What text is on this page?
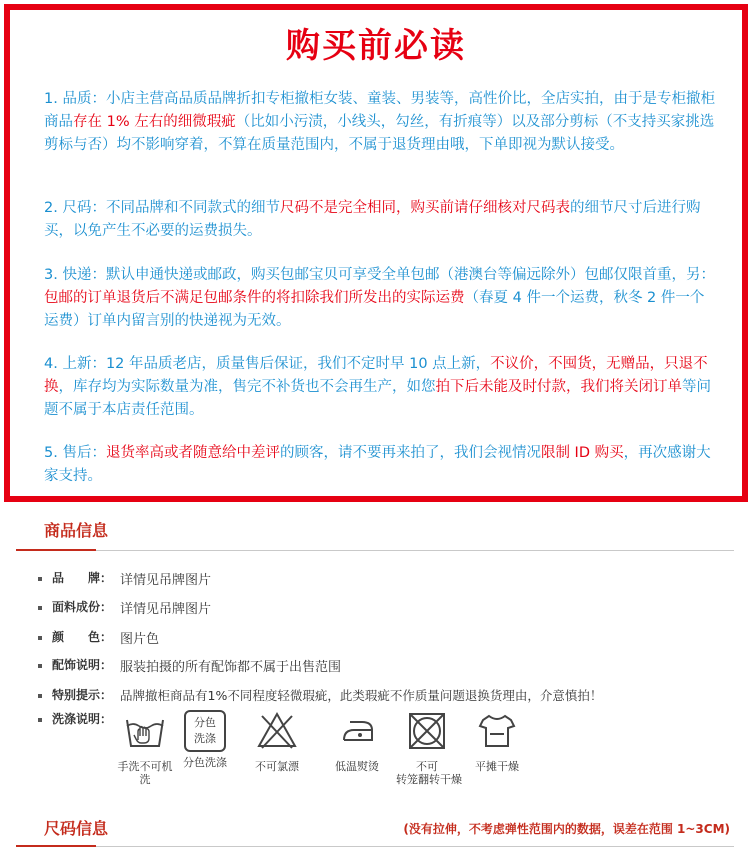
购买前必读
1. 品质：小店主营高品质品牌折扣专柜撤柜女装、童装、男装等，高性价比，全店实拍，由于是专柜撤柜商品存在 1% 左右的细微瑕疵（比如小污渍，小线头，勾丝，有折痕等）以及部分剪标（不支持买家挑选剪标与否）均不影响穿着，不算在质量范围内，不属于退货理由哦，下单即视为默认接受。
2. 尺码：不同品牌和不同款式的细节尺码不是完全相同，购买前请仔细核对尺码表的细节尺寸后进行购买，以免产生不必要的运费损失。
3. 快递：默认申通快递或邮政，购买包邮宝贝可享受全单包邮（港澳台等偏远除外）包邮仅限首重，另：包邮的订单退货后不满足包邮条件的将扣除我们所发出的实际运费（春夏 4 件一个运费，秋冬 2 件一个运费）订单内留言别的快递视为无效。
4. 上新：12 年品质老店，质量售后保证，我们不定时早 10 点上新，不议价，不囤货，无赠品，只退不换，库存均为实际数量为准，售完不补货也不会再生产，如您拍下后未能及时付款，我们将关闭订单等问题不属于本店责任范围。
5. 售后：退货率高或者随意给中差评的顾客，请不要再来拍了，我们会视情况限制 ID 购买，再次感谢大家支持。
商品信息
品　　牌： 详情见吊牌图片
面料成份： 详情见吊牌图片
颜　　色： 图片色
配饰说明： 服装拍摄的所有配饰都不属于出售范围
特别提示： 品牌撤柜商品有1%不同程度轻微瑕疵，此类瑕疵不作质量问题退换货理由，介意慎拍！
洗涤说明：
手洗不可机洗
分色
洗涤
分色洗涤	不可氯漂	低温熨烫	不可
转笼翻转干燥
平摊干燥
尺码信息	(没有拉伸，不考虑弹性范围内的数据，误差在范围 1~3CM)
